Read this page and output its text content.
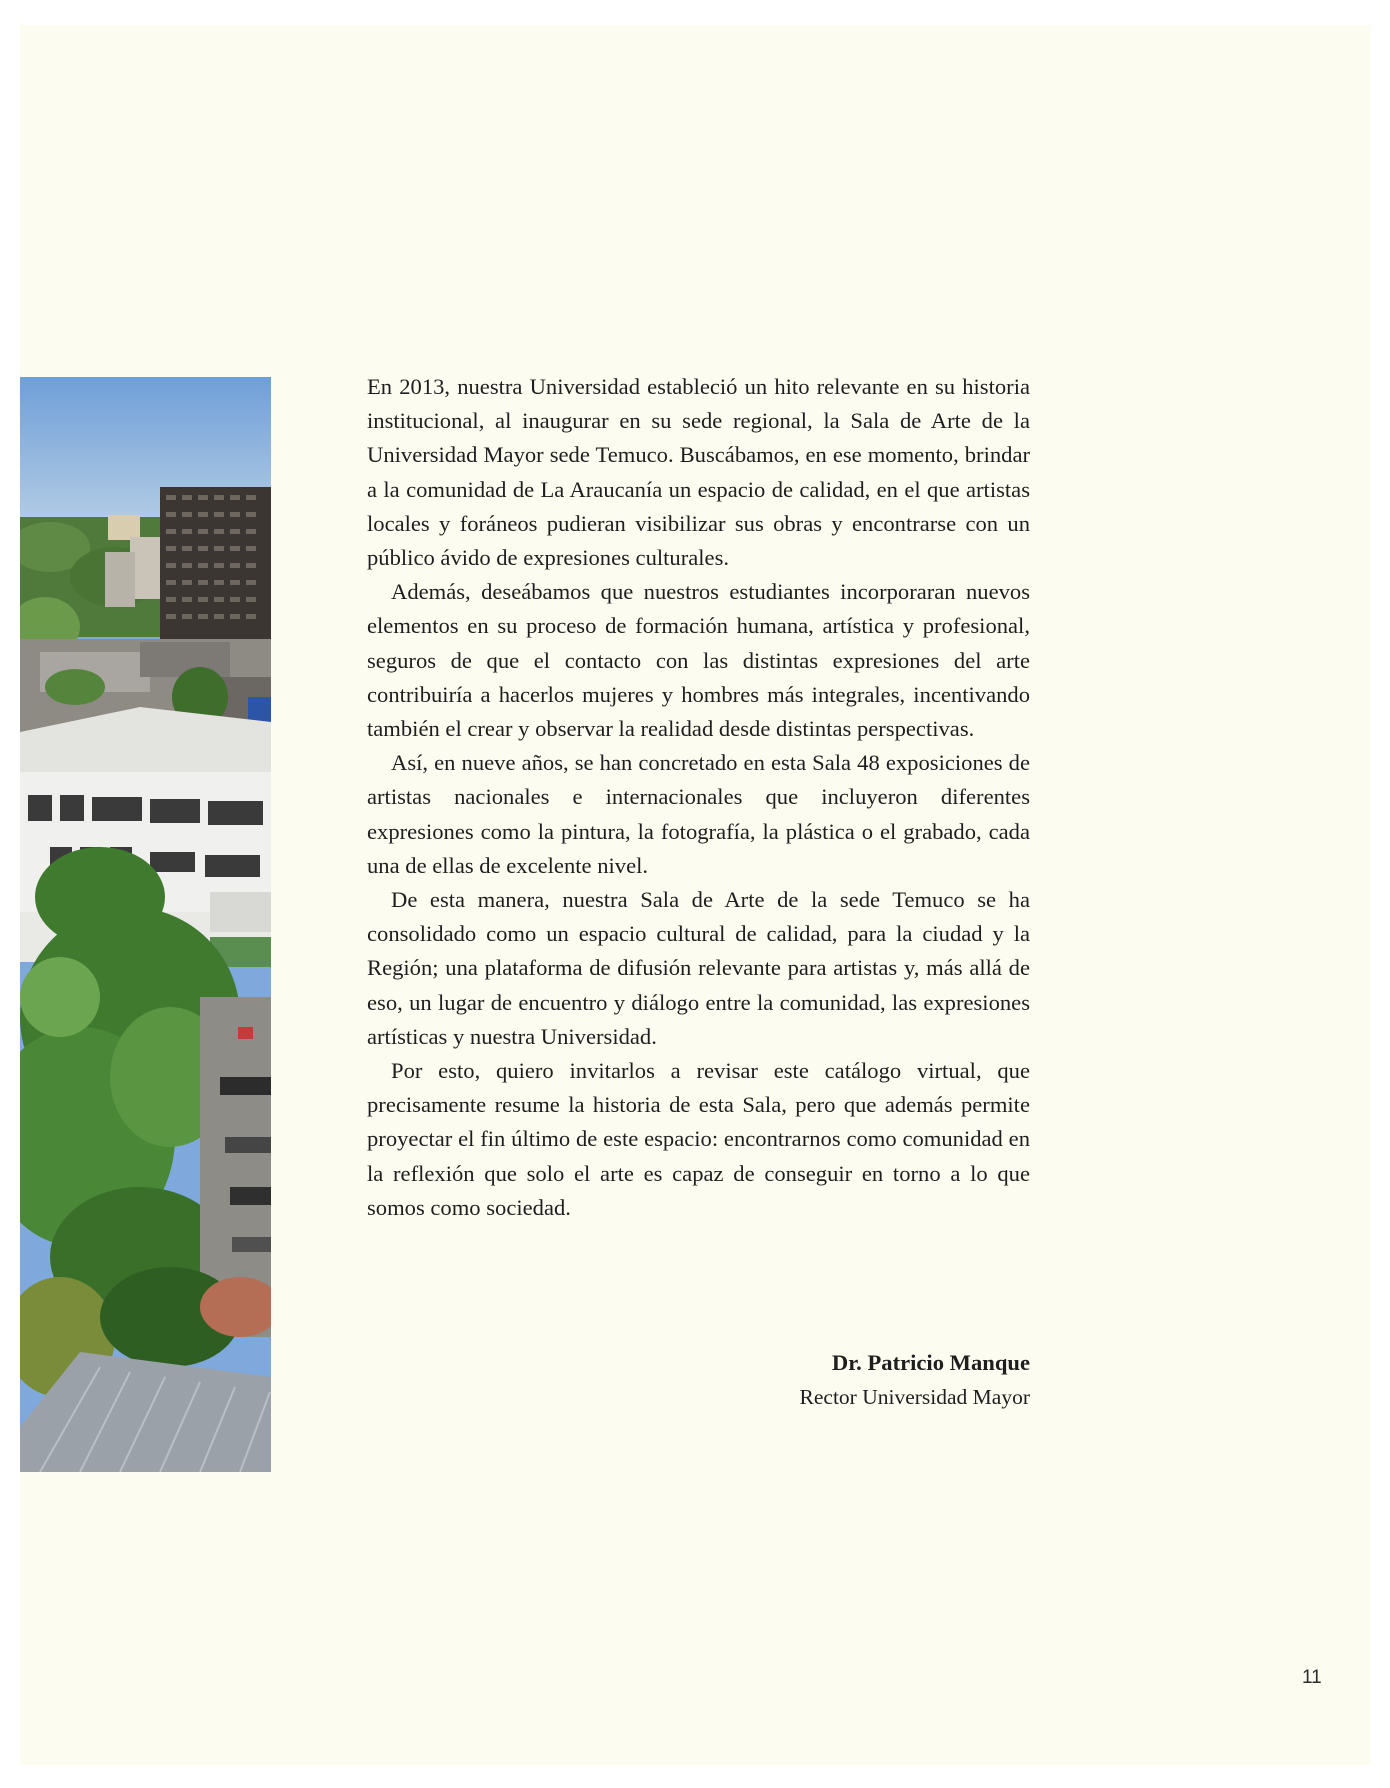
En 2013, nuestra Universidad estableció un hito relevante en su historia institucional, al inaugurar en su sede regional, la Sala de Arte de la Universidad Mayor sede Temuco. Buscábamos, en ese momento, brindar a la comunidad de La Araucanía un espacio de calidad, en el que artistas locales y foráneos pudieran visibilizar sus obras y encontrarse con un público ávido de expresiones culturales.

Además, deseábamos que nuestros estudiantes incorporaran nuevos elementos en su proceso de formación humana, artística y profesional, seguros de que el contacto con las distintas expresiones del arte contribuiría a hacerlos mujeres y hombres más integrales, incentivando también el crear y observar la realidad desde distintas perspectivas.

Así, en nueve años, se han concretado en esta Sala 48 exposiciones de artistas nacionales e internacionales que incluyeron diferentes expresiones como la pintura, la fotografía, la plástica o el grabado, cada una de ellas de excelente nivel.

De esta manera, nuestra Sala de Arte de la sede Temuco se ha consolidado como un espacio cultural de calidad, para la ciudad y la Región; una plataforma de difusión relevante para artistas y, más allá de eso, un lugar de encuentro y diálogo entre la comunidad, las expresiones artísticas y nuestra Universidad.

Por esto, quiero invitarlos a revisar este catálogo virtual, que precisamente resume la historia de esta Sala, pero que además permite proyectar el fin último de este espacio: encontrarnos como comunidad en la reflexión que solo el arte es capaz de conseguir en torno a lo que somos como sociedad.

Dr. Patricio Manque
Rector Universidad Mayor
11
